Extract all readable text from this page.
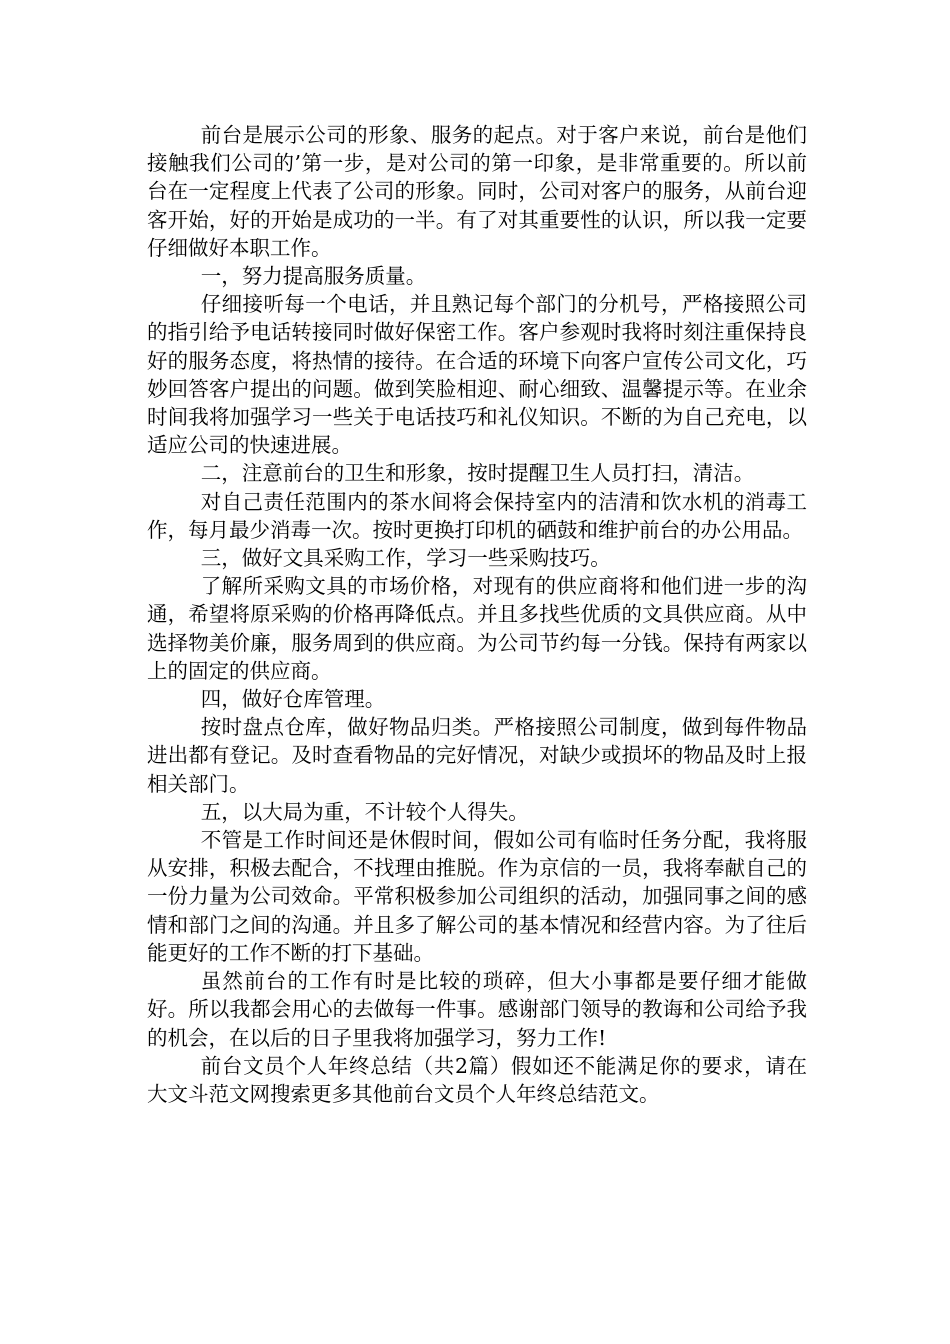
前台是展示公司的形象、服务的起点。对于客户来说，前台是他们接触我们公司的’第一步，是对公司的第一印象，是非常重要的。所以前台在一定程度上代表了公司的形象。同时，公司对客户的服务，从前台迎客开始，好的开始是成功的一半。有了对其重要性的认识，所以我一定要仔细做好本职工作。

一，努力提高服务质量。

仔细接听每一个电话，并且熟记每个部门的分机号，严格接照公司的指引给予电话转接同时做好保密工作。客户参观时我将时刻注重保持良好的服务态度，将热情的接待。在合适的环境下向客户宣传公司文化，巧妙回答客户提出的问题。做到笑脸相迎、耐心细致、温馨提示等。在业余时间我将加强学习一些关于电话技巧和礼仪知识。不断的为自己充电，以适应公司的快速进展。

二，注意前台的卫生和形象，按时提醒卫生人员打扫，清洁。

对自己责任范围内的茶水间将会保持室内的洁清和饮水机的消毒工作，每月最少消毒一次。按时更换打印机的硒鼓和维护前台的办公用品。

三，做好文具采购工作，学习一些采购技巧。

了解所采购文具的市场价格，对现有的供应商将和他们进一步的沟通，希望将原采购的价格再降低点。并且多找些优质的文具供应商。从中选择物美价廉，服务周到的供应商。为公司节约每一分钱。保持有两家以上的固定的供应商。

四，做好仓库管理。

按时盘点仓库，做好物品归类。严格接照公司制度，做到每件物品进出都有登记。及时查看物品的完好情况，对缺少或损坏的物品及时上报相关部门。

五，以大局为重，不计较个人得失。

不管是工作时间还是休假时间，假如公司有临时任务分配，我将服从安排，积极去配合，不找理由推脱。作为京信的一员，我将奉献自己的一份力量为公司效命。平常积极参加公司组织的活动，加强同事之间的感情和部门之间的沟通。并且多了解公司的基本情况和经营内容。为了往后能更好的工作不断的打下基础。

虽然前台的工作有时是比较的琐碎，但大小事都是要仔细才能做好。所以我都会用心的去做每一件事。感谢部门领导的教诲和公司给予我的机会，在以后的日子里我将加强学习，努力工作!

前台文员个人年终总结（共2篇）假如还不能满足你的要求，请在大文斗范文网搜索更多其他前台文员个人年终总结范文。
